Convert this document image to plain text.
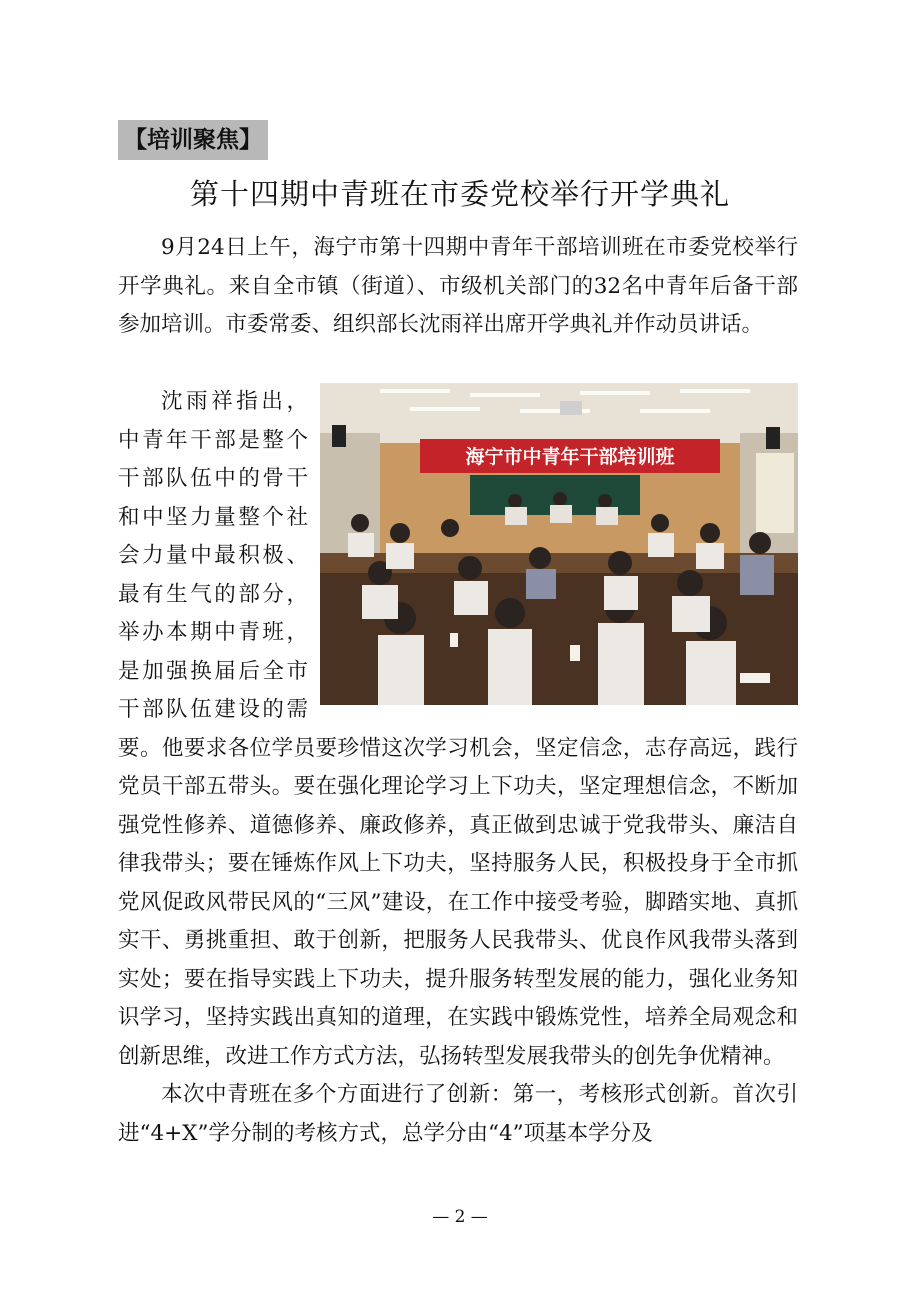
【培训聚焦】
第十四期中青班在市委党校举行开学典礼

9月24日上午，海宁市第十四期中青年干部培训班在市委党校举行开学典礼。来自全市镇（街道）、市级机关部门的32名中青年后备干部参加培训。市委常委、组织部长沈雨祥出席开学典礼并作动员讲话。

海宁市中青年干部培训班

沈雨祥指出，中青年干部是整个干部队伍中的骨干和中坚力量整个社会力量中最积极、最有生气的部分，举办本期中青班，是加强换届后全市干部队伍建设的需要。他要求各位学员要珍惜这次学习机会，坚定信念，志存高远，践行党员干部五带头。要在强化理论学习上下功夫，坚定理想信念，不断加强党性修养、道德修养、廉政修养，真正做到忠诚于党我带头、廉洁自律我带头；要在锤炼作风上下功夫，坚持服务人民，积极投身于全市抓党风促政风带民风的“三风”建设，在工作中接受考验，脚踏实地、真抓实干、勇挑重担、敢于创新，把服务人民我带头、优良作风我带头落到实处；要在指导实践上下功夫，提升服务转型发展的能力，强化业务知识学习，坚持实践出真知的道理，在实践中锻炼党性，培养全局观念和创新思维，改进工作方式方法，弘扬转型发展我带头的创先争优精神。

本次中青班在多个方面进行了创新：第一，考核形式创新。首次引进“4+X”学分制的考核方式，总学分由“4”项基本学分及

— 2 —
